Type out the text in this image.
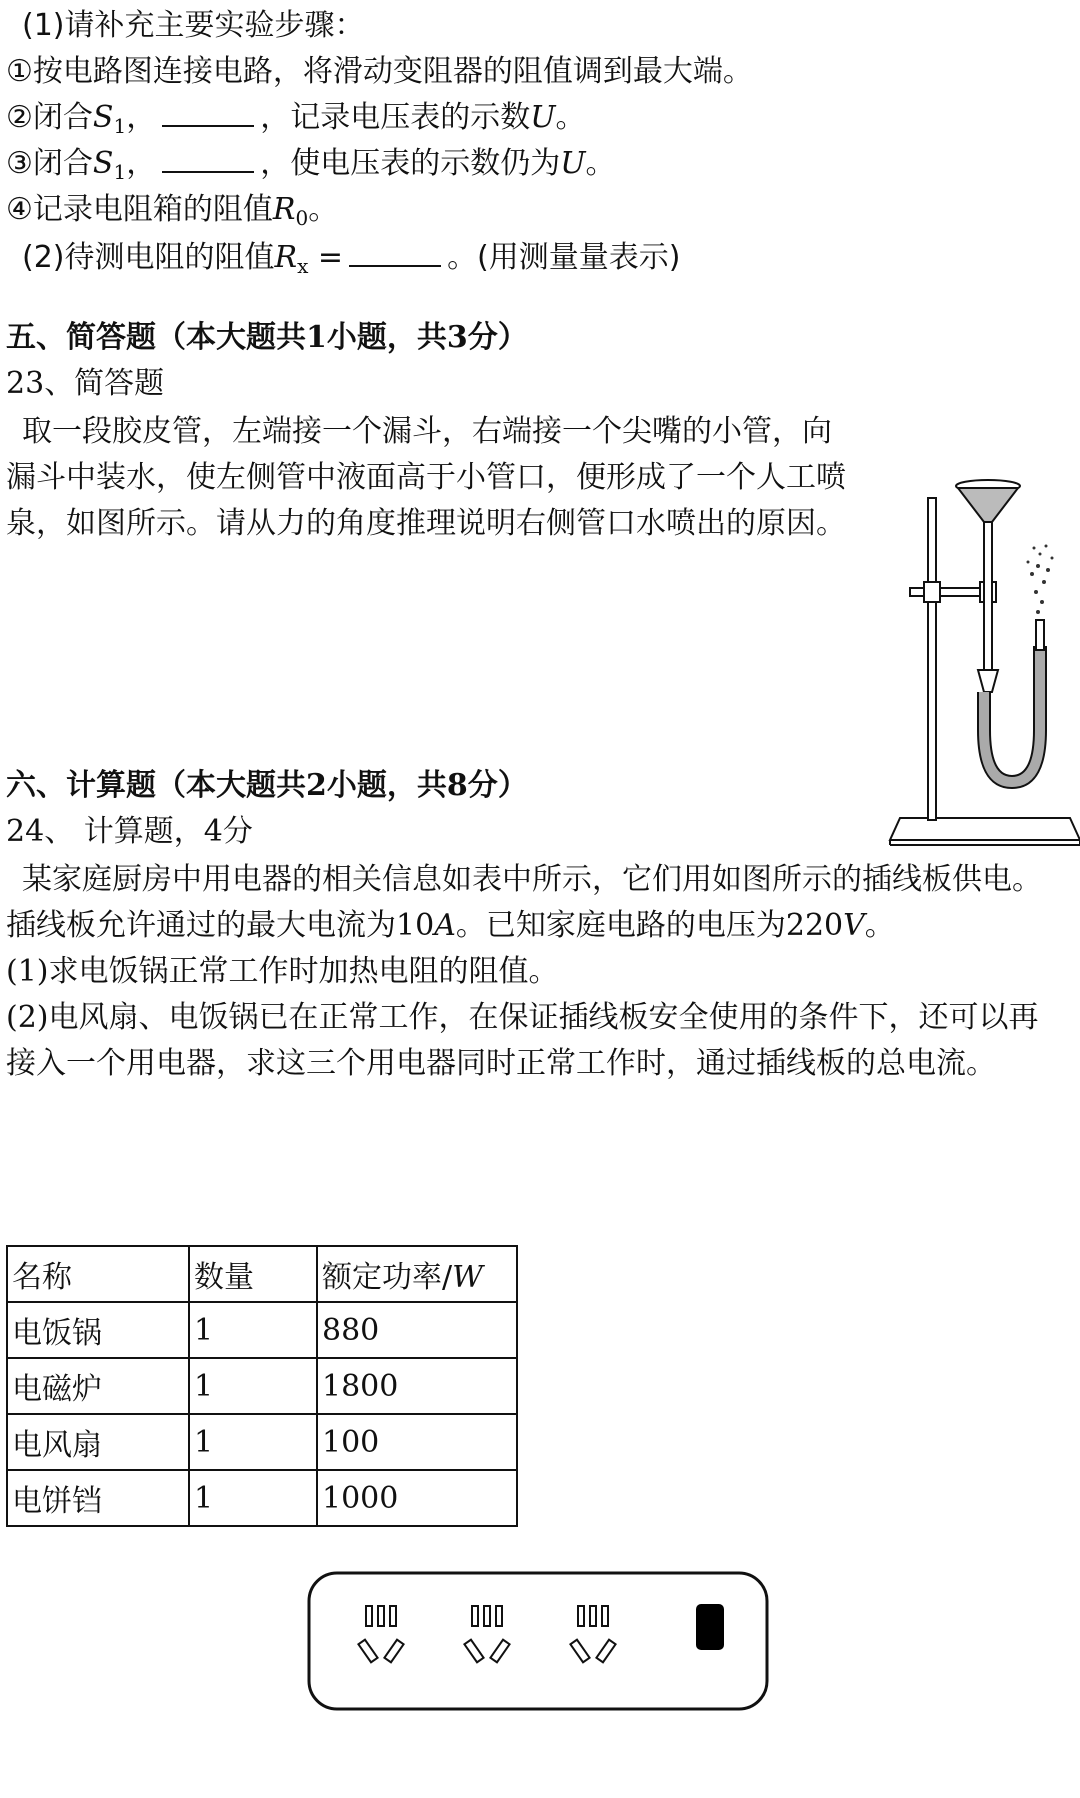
(1)请补充主要实验步骤：
①按电路图连接电路，将滑动变阻器的阻值调到最大端。
②闭合$S_1$，	，记录电压表的示数U。
③闭合$S_1$，	，使电压表的示数仍为U。
④记录电阻箱的阻值$R_0$。
(2)待测电阻的阻值$R_x$ =	。(用测量量表示)
五、简答题（本大题共1小题，共3分）
23、简答题
取一段胶皮管，左端接一个漏斗，右端接一个尖嘴的小管，向
漏斗中装水，使左侧管中液面高于小管口，便形成了一个人工喷
泉，如图所示。请从力的角度推理说明右侧管口水喷出的原因。
六、计算题（本大题共2小题，共8分）
24、 计算题，4分
某家庭厨房中用电器的相关信息如表中所示，它们用如图所示的插线板供电。
插线板允许通过的最大电流为10A。已知家庭电路的电压为220V。
(1)求电饭锅正常工作时加热电阻的阻值。
(2)电风扇、电饭锅已在正常工作，在保证插线板安全使用的条件下，还可以再
接入一个用电器，求这三个用电器同时正常工作时，通过插线板的总电流。
名称	数量	额定功率/W
电饭锅	1	880
电磁炉	1	1800
电风扇	1	100
电饼铛	1	1000
